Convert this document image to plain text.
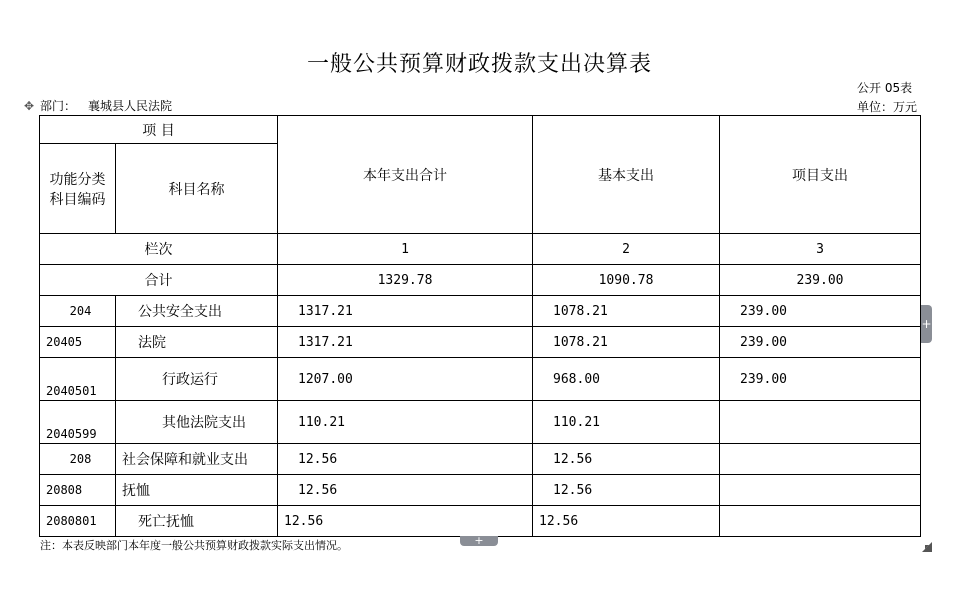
一般公共预算财政拨款支出决算表
公开 05表
单位：万元
✥ 部门： 襄城县人民法院
项 目		本年支出合计	基本支出	项目支出
功能分类科目编码	科目名称			
栏次		1	2	3
合计		1329.78	1090.78	239.00
204	公共安全支出	1317.21	1078.21	239.00
20405	法院	1317.21	1078.21	239.00
2040501	行政运行	1207.00	968.00	239.00
2040599	其他法院支出	110.21	110.21	
208	社会保障和就业支出	12.56	12.56	
20808	抚恤	12.56	12.56	
2080801	死亡抚恤	12.56	12.56	
注：本表反映部门本年度一般公共预算财政拨款实际支出情况。
+
+
